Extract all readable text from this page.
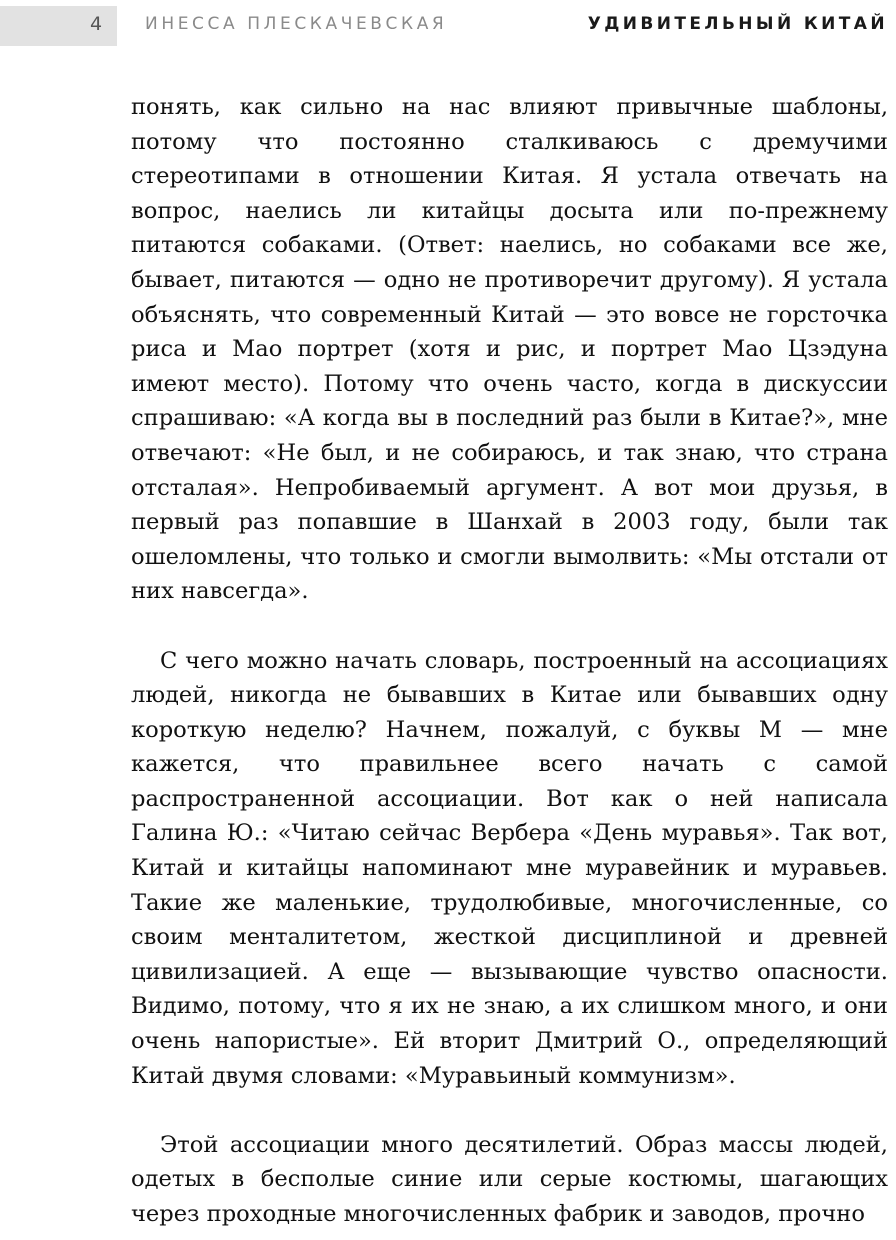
4	ИНЕССА ПЛЕСКАЧЕВСКАЯ	УДИВИТЕЛЬНЫЙ КИТАЙ

понять, как сильно на нас влияют привычные шаблоны, потому что постоянно сталкиваюсь с дремучими стереотипами в отношении Китая. Я устала отвечать на вопрос, наелись ли китайцы досыта или по-прежнему питаются собаками. (Ответ: наелись, но собаками все же, бывает, питаются — одно не противоречит другому). Я устала объяснять, что современный Китай — это вовсе не горсточка риса и Мао портрет (хотя и рис, и портрет Мао Цзэдуна имеют место). Потому что очень часто, когда в дискуссии спрашиваю: «А когда вы в последний раз были в Китае?», мне отвечают: «Не был, и не собираюсь, и так знаю, что страна отсталая». Непробиваемый аргумент. А вот мои друзья, в первый раз попавшие в Шанхай в 2003 году, были так ошеломлены, что только и смогли вымолвить: «Мы отстали от них навсегда».

С чего можно начать словарь, построенный на ассоциациях людей, никогда не бывавших в Китае или бывавших одну короткую неделю? Начнем, пожалуй, с буквы М — мне кажется, что правильнее всего начать с самой распространенной ассоциации. Вот как о ней написала Галина Ю.: «Читаю сейчас Вербера «День муравья». Так вот, Китай и китайцы напоминают мне муравейник и муравьев. Такие же маленькие, трудолюбивые, многочисленные, со своим менталитетом, жесткой дисциплиной и древней цивилизацией. А еще — вызывающие чувство опасности. Видимо, потому, что я их не знаю, а их слишком много, и они очень напористые». Ей вторит Дмитрий О., определяющий Китай двумя словами: «Муравьиный коммунизм».

Этой ассоциации много десятилетий. Образ массы людей, одетых в бесполые синие или серые костюмы, шагающих через проходные многочисленных фабрик и заводов, прочно
